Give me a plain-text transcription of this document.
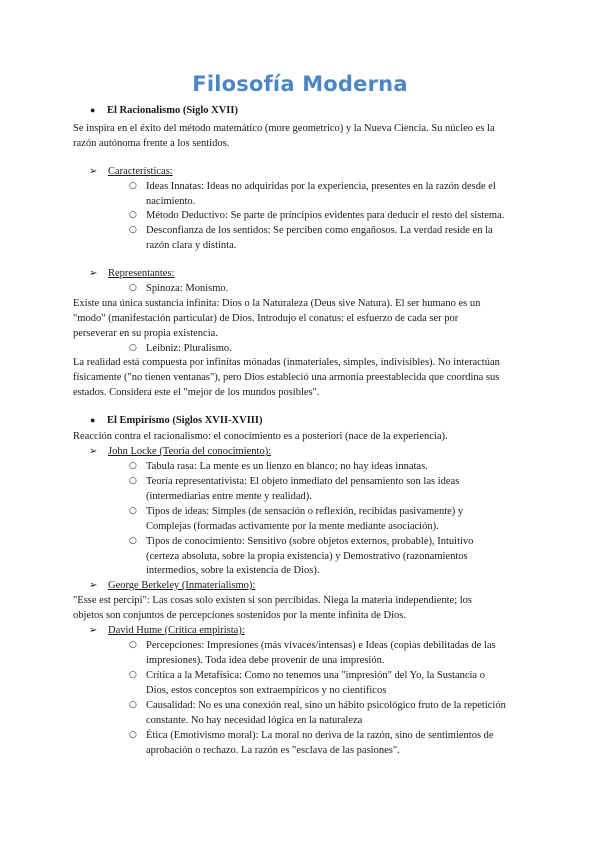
Filosofía Moderna
● El Racionalismo (Siglo XVII)
Se inspira en el éxito del método matemático (more geometrico) y la Nueva Ciencia. Su núcleo es la
razón autónoma frente a los sentidos.
➢ Características:
○ Ideas Innatas: Ideas no adquiridas por la experiencia, presentes en la razón desde el
nacimiento.
○ Método Deductivo: Se parte de principios evidentes para deducir el resto del sistema.
○ Desconfianza de los sentidos: Se perciben como engañosos. La verdad reside en la
razón clara y distinta.
➢ Representantes:
○ Spinoza: Monismo.
Existe una única sustancia infinita: Dios o la Naturaleza (Deus sive Natura). El ser humano es un
"modo" (manifestación particular) de Dios. Introdujo el conatus: el esfuerzo de cada ser por
perseverar en su propia existencia.
○ Leibniz: Pluralismo.
La realidad está compuesta por infinitas mónadas (inmateriales, simples, indivisibles). No interactúan
físicamente ("no tienen ventanas"), pero Dios estableció una armonía preestablecida que coordina sus
estados. Considera este el "mejor de los mundos posibles".
● El Empirismo (Siglos XVII-XVIII)
Reacción contra el racionalismo: el conocimiento es a posteriori (nace de la experiencia).
➢ John Locke (Teoría del conocimiento):
○ Tabula rasa: La mente es un lienzo en blanco; no hay ideas innatas.
○ Teoría representativista: El objeto inmediato del pensamiento son las ideas
(intermediarias entre mente y realidad).
○ Tipos de ideas: Simples (de sensación o reflexión, recibidas pasivamente) y
Complejas (formadas activamente por la mente mediante asociación).
○ Tipos de conocimiento: Sensitivo (sobre objetos externos, probable), Intuitivo
(certeza absoluta, sobre la propia existencia) y Demostrativo (razonamientos
intermedios, sobre la existencia de Dios).
➢ George Berkeley (Inmaterialismo):
"Esse est percipi": Las cosas solo existen si son percibidas. Niega la materia independiente; los
objetos son conjuntos de percepciones sostenidos por la mente infinita de Dios.
➢ David Hume (Crítica empirista):
○ Percepciones: Impresiones (más vivaces/intensas) e Ideas (copias debilitadas de las
impresiones). Toda idea debe provenir de una impresión.
○ Crítica a la Metafísica: Como no tenemos una "impresión" del Yo, la Sustancia o
Dios, estos conceptos son extraempíricos y no científicos
○ Causalidad: No es una conexión real, sino un hábito psicológico fruto de la repetición
constante. No hay necesidad lógica en la naturaleza
○ Ética (Emotivismo moral): La moral no deriva de la razón, sino de sentimientos de
aprobación o rechazo. La razón es "esclava de las pasiones".
